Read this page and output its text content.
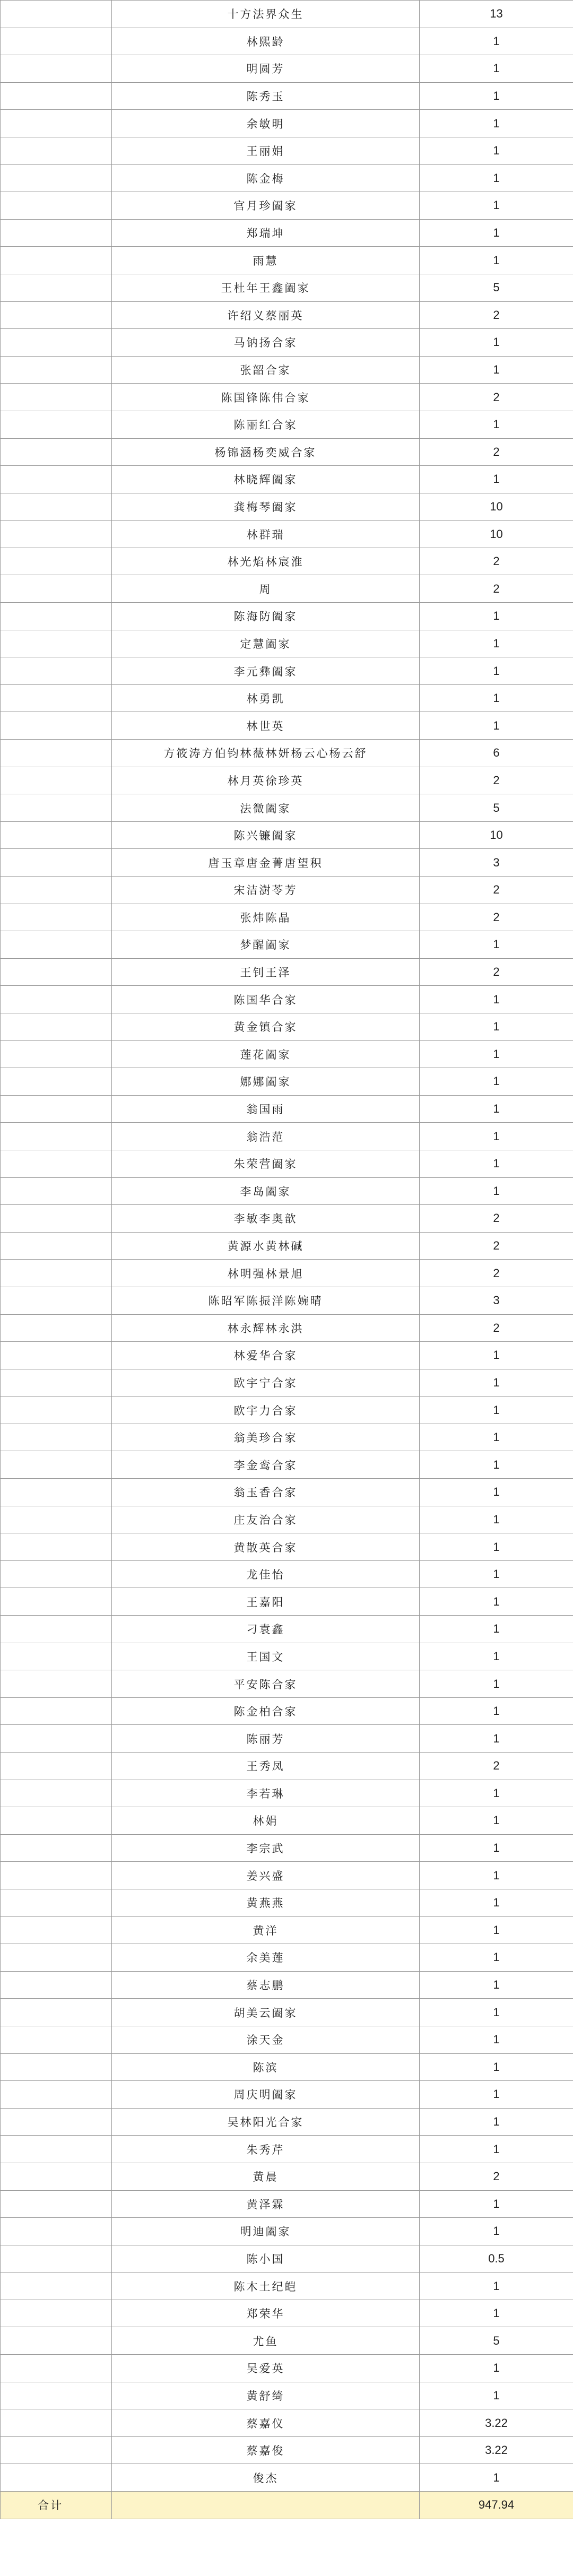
	十方法界众生	13
	林熙龄	1
	明圆芳	1
	陈秀玉	1
	余敏明	1
	王丽娟	1
	陈金梅	1
	官月珍阖家	1
	郑瑞坤	1
	雨慧	1
	王杜年王鑫阖家	5
	许绍义蔡丽英	2
	马钠扬合家	1
	张韶合家	1
	陈国锋陈伟合家	2
	陈丽红合家	1
	杨锦涵杨奕威合家	2
	林晓辉阖家	1
	龚梅琴阖家	10
	林群瑞	10
	林光焰林宸淮	2
	周	2
	陈海防阖家	1
	定慧阖家	1
	李元彝阖家	1
	林勇凯	1
	林世英	1
	方筱涛方伯钧林薇林妍杨云心杨云舒	6
	林月英徐珍英	2
	法微阖家	5
	陈兴镰阖家	10
	唐玉章唐金菁唐望积	3
	宋洁澍苓芳	2
	张炜陈晶	2
	梦醒阖家	1
	王钊王泽	2
	陈国华合家	1
	黄金镇合家	1
	莲花阖家	1
	娜娜阖家	1
	翁国雨	1
	翁浩范	1
	朱荣营阖家	1
	李岛阖家	1
	李敏李奥歆	2
	黄源水黄林碱	2
	林明强林景旭	2
	陈昭军陈振洋陈婉晴	3
	林永辉林永洪	2
	林爱华合家	1
	欧宇宁合家	1
	欧宇力合家	1
	翁美珍合家	1
	李金鸾合家	1
	翁玉香合家	1
	庄友治合家	1
	黄散英合家	1
	龙佳怡	1
	王嘉阳	1
	刁袁鑫	1
	王国文	1
	平安陈合家	1
	陈金柏合家	1
	陈丽芳	1
	王秀凤	2
	李若琳	1
	林娟	1
	李宗武	1
	姜兴盛	1
	黄燕燕	1
	黄洋	1
	余美莲	1
	蔡志鹏	1
	胡美云阖家	1
	涂天金	1
	陈滨	1
	周庆明阖家	1
	吴林阳光合家	1
	朱秀芹	1
	黄晨	2
	黄泽霖	1
	明迪阖家	1
	陈小国	0.5
	陈木土纪皑	1
	郑荣华	1
	尤鱼	5
	吴爱英	1
	黄舒绮	1
	蔡嘉仪	3.22
	蔡嘉俊	3.22
	俊杰	1
合计		947.94
